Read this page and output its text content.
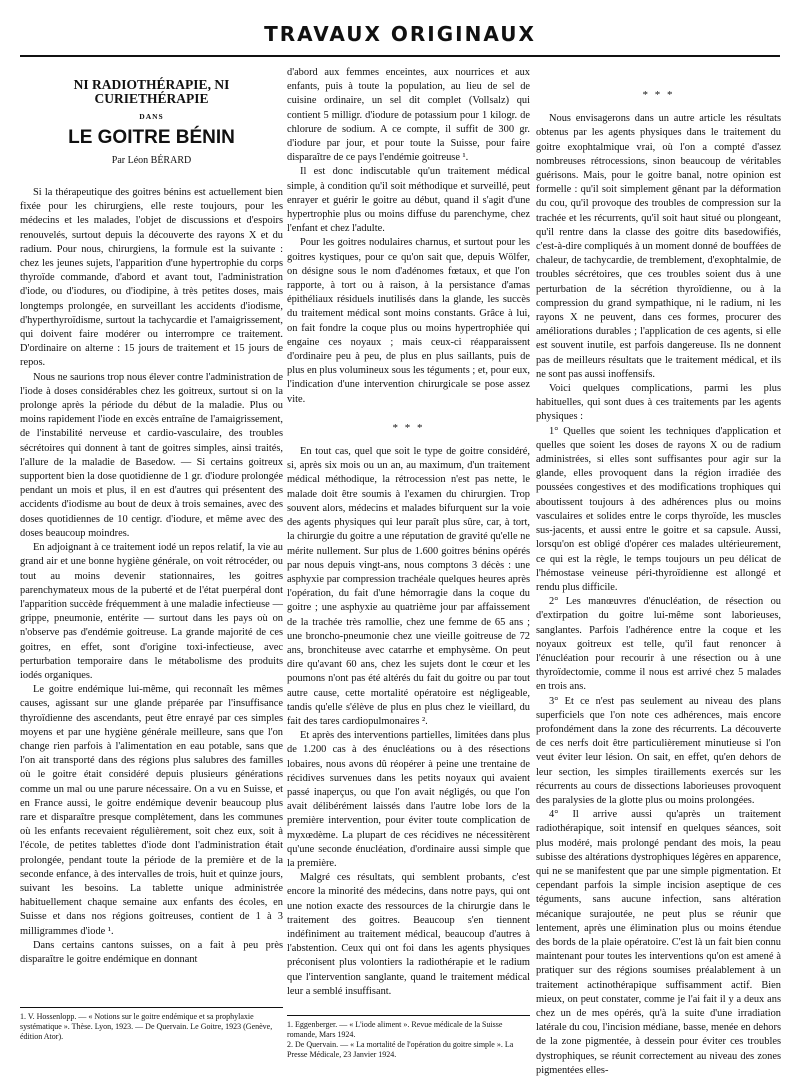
TRAVAUX ORIGINAUX
NI RADIOTHÉRAPIE, NI CURIETHÉRAPIE
DANS
LE GOITRE BÉNIN
Par Léon BÉRARD

Si la thérapeutique des goitres bénins est actuellement bien fixée pour les chirurgiens, elle reste toujours, pour les médecins et les malades, l'objet de discussions et d'espoirs renouvelés, surtout depuis la découverte des rayons X et du radium. Pour nous, chirurgiens, la formule est la suivante : chez les jeunes sujets, l'apparition d'une hypertrophie du corps thyroïde commande, d'abord et avant tout, l'administration d'iode, ou d'iodures, ou d'iodipine, à très petites doses, mais longtemps prolongée, en surveillant les accidents d'iodisme, d'hyperthyroïdisme, surtout la tachycardie et l'amaigrissement, qui doivent faire modérer ou interrompre ce traitement. D'ordinaire on alterne : 15 jours de traitement et 15 jours de repos.

Nous ne saurions trop nous élever contre l'administration de l'iode à doses considérables chez les goitreux, surtout si on la prolonge après la période du début de la maladie. Plus ou moins rapidement l'iode en excès entraîne de l'amaigrissement, de l'instabilité nerveuse et cardio-vasculaire, des troubles sécrétoires qui donnent à tant de goitres simples, ainsi traités, l'allure de la maladie de Basedow. — Si certains goitreux supportent bien la dose quotidienne de 1 gr. d'iodure prolongée pendant un mois et plus, il en est d'autres qui présentent des accidents d'iodisme au bout de deux à trois semaines, avec des doses quotidiennes de 10 centigr. d'iodure, et même avec des doses beaucoup moindres.

En adjoignant à ce traitement iodé un repos relatif, la vie au grand air et une bonne hygiène générale, on voit rétrocéder, ou tout au moins devenir stationnaires, les goitres parenchymateux mous de la puberté et de l'état puerpéral dont l'apparition succède fréquemment à une maladie infectieuse — grippe, pneumonie, entérite — surtout dans les pays où on n'observe pas d'endémie goitreuse. La grande majorité de ces goitres, en effet, sont d'origine toxi-infectieuse, avec perturbation temporaire dans le métabolisme des produits iodés organiques.

Le goitre endémique lui-même, qui reconnaît les mêmes causes, agissant sur une glande préparée par l'insuffisance thyroïdienne des ascendants, peut être enrayé par ces simples moyens et par une hygiène générale meilleure, sans que l'on change rien parfois à l'alimentation en eau potable, sans que l'on ait transporté dans des régions plus salubres des familles où le goitre était considéré depuis plusieurs générations comme un mal ou une parure nécessaire. On a vu en Suisse, et en France aussi, le goitre endémique devenir beaucoup plus rare et disparaître presque complètement, dans les communes où les enfants recevaient régulièrement, soit chez eux, soit à l'école, de petites tablettes d'iode dont l'administration était prolongée, pendant toute la période de la première et de la seconde enfance, à des intervalles de trois, huit et quinze jours, suivant les besoins. La tablette unique administrée habituellement chaque semaine aux enfants des écoles, en Suisse et dans nos régions goitreuses, contient de 1 à 3 milligrammes d'iode ¹.

Dans certains cantons suisses, on a fait à peu près disparaître le goitre endémique en donnant

d'abord aux femmes enceintes, aux nourrices et aux enfants, puis à toute la population, au lieu de sel de cuisine ordinaire, un sel dit complet (Vollsalz) qui contient 5 milligr. d'iodure de potassium pour 1 kilogr. de chlorure de sodium. A ce compte, il suffit de 300 gr. d'iodure par jour, et pour toute la Suisse, pour faire disparaître de ce pays l'endémie goitreuse ¹.

Il est donc indiscutable qu'un traitement médical simple, à condition qu'il soit méthodique et surveillé, peut enrayer et guérir le goitre au début, quand il s'agit d'une hypertrophie plus ou moins diffuse du parenchyme, chez l'enfant et chez l'adulte.

Pour les goitres nodulaires charnus, et surtout pour les goitres kystiques, pour ce qu'on sait que, depuis Wölfer, on désigne sous le nom d'adénomes fœtaux, et que l'on rapporte, à tort ou à raison, à la persistance d'amas épithéliaux résiduels inutilisés dans la glande, les succès du traitement médical sont moins constants. Grâce à lui, on fait fondre la coque plus ou moins hypertrophiée qui engaine ces noyaux ; mais ceux-ci réapparaissent d'ordinaire peu à peu, de plus en plus saillants, puis de plus en plus volumineux sous les téguments ; et, pour eux, l'indication d'une intervention chirurgicale se pose assez vite.

* * *

En tout cas, quel que soit le type de goitre considéré, si, après six mois ou un an, au maximum, d'un traitement médical méthodique, la rétrocession n'est pas nette, le malade doit être soumis à l'examen du chirurgien. Trop souvent alors, médecins et malades bifurquent sur la voie des agents physiques qui leur paraît plus sûre, car, à tort, la chirurgie du goitre a une réputation de gravité qu'elle ne mérite nullement. Sur plus de 1.600 goitres bénins opérés par nous depuis vingt-ans, nous comptons 3 décès : une asphyxie par compression trachéale quelques heures après l'opération, du fait d'une hémorragie dans la coque du goitre ; une asphyxie au quatrième jour par affaissement de la trachée très ramollie, chez une femme de 65 ans ; une broncho-pneumonie chez une vieille goitreuse de 72 ans, bronchiteuse avec catarrhe et emphysème. On peut dire qu'avant 60 ans, chez les sujets dont le cœur et les poumons n'ont pas été altérés du fait du goitre ou par tout autre cause, cette mortalité opératoire est négligeable, tandis qu'elle s'élève de plus en plus chez le vieillard, du fait des tares cardiopulmonaires ².

Et après des interventions partielles, limitées dans plus de 1.200 cas à des énucléations ou à des résections lobaires, nous avons dû réopérer à peine une trentaine de récidives survenues dans les petits noyaux qui avaient passé inaperçus, ou que l'on avait négligés, ou que l'on avait délibérément laissés dans l'autre lobe lors de la première intervention, pour éviter toute complication de myxœdème. La plupart de ces récidives ne nécessitèrent qu'une seconde énucléation, d'ordinaire aussi simple que la première.

Malgré ces résultats, qui semblent probants, c'est encore la minorité des médecins, dans notre pays, qui ont une notion exacte des ressources de la chirurgie dans le traitement des goitres. Beaucoup s'en tiennent indéfiniment au traitement médical, beaucoup d'autres à l'abstention. Ceux qui ont foi dans les agents physiques préconisent plus volontiers la radiothérapie et le radium que l'intervention sanglante, quand le traitement médical leur a semblé insuffisant.

* * *

Nous envisagerons dans un autre article les résultats obtenus par les agents physiques dans le traitement du goitre exophtalmique vrai, où l'on a compté d'assez nombreuses rétrocessions, sinon beaucoup de véritables guérisons. Mais, pour le goitre banal, notre opinion est formelle : qu'il soit simplement gênant par la déformation du cou, qu'il provoque des troubles de compression sur la trachée et les récurrents, qu'il soit haut situé ou plongeant, qu'il rentre dans la classe des goitre dits basedowifiés, c'est-à-dire compliqués à un moment donné de bouffées de chaleur, de tachycardie, de tremblement, d'exophtalmie, de troubles sécrétoires, que ces troubles soient dus à une perturbation de la sécrétion thyroïdienne, ou à la compression du grand sympathique, ni le radium, ni les rayons X ne peuvent, dans ces formes, procurer des améliorations durables ; l'application de ces agents, si elle est souvent inutile, est parfois dangereuse. Ils ne donnent pas de meilleurs résultats que le traitement médical, et ils ne sont pas aussi inoffensifs.

Voici quelques complications, parmi les plus habituelles, qui sont dues à ces traitements par les agents physiques :

1° Quelles que soient les techniques d'application et quelles que soient les doses de rayons X ou de radium administrées, si elles sont suffisantes pour agir sur la glande, elles provoquent dans la région irradiée des poussées congestives et des modifications trophiques qui aboutissent toujours à des adhérences plus ou moins vasculaires et solides entre le corps thyroïde, les muscles sus-jacents, et aussi entre le goitre et sa capsule. Aussi, lorsqu'on est obligé d'opérer ces malades ultérieurement, ce qui est la règle, le temps toujours un peu délicat de l'hémostase veineuse péri-thyroïdienne est allongé et rendu plus difficile.

2° Les manœuvres d'énucléation, de résection ou d'extirpation du goitre lui-même sont laborieuses, sanglantes. Parfois l'adhérence entre la coque et les noyaux goitreux est telle, qu'il faut renoncer à l'énucléation pour recourir à une résection ou à une thyroïdectomie, comme il nous est arrivé chez 5 malades en trois ans.

3° Et ce n'est pas seulement au niveau des plans superficiels que l'on note ces adhérences, mais encore profondément dans la zone des récurrents. La découverte de ces nerfs doit être particulièrement minutieuse si l'on veut éviter leur lésion. On sait, en effet, qu'en dehors de leur section, les simples tiraillements exercés sur les récurrents au cours de dissections laborieuses provoquent des paralysies de la glotte plus ou moins prolongées.

4° Il arrive aussi qu'après un traitement radiothérapique, soit intensif en quelques séances, soit plus modéré, mais prolongé pendant des mois, la peau subisse des altérations dystrophiques légères en apparence, qui ne se manifestent que par une simple pigmentation. Et cependant parfois la simple incision aseptique de ces téguments, sans aucune infection, sans altération mécanique surajoutée, ne peut plus se réunir que lentement, après une élimination plus ou moins étendue des bords de la plaie opératoire. C'est là un fait bien connu maintenant pour toutes les interventions qu'on est amené à pratiquer sur des régions soumises préalablement à un traitement actinothérapique suffisamment actif. Bien mieux, on peut constater, comme je l'ai fait il y a deux ans chez un de mes opérés, qu'à la suite d'une irradiation latérale du cou, l'incision médiane, basse, menée en dehors de la zone pigmentée, à dessein pour éviter ces troubles dystrophiques, se réunit correctement au niveau des zones pigmentées elles-

1. V. Hossenlopp. — « Notions sur le goitre endémique et sa prophylaxie systématique ». Thèse. Lyon, 1923. — De Quervain. Le Goitre, 1923 (Genève, édition Ator).
1. Eggenberger. — « L'iode aliment ». Revue médicale de la Suisse romande, Mars 1924.
2. De Quervain. — « La mortalité de l'opération du goitre simple ». La Presse Médicale, 23 Janvier 1924.
